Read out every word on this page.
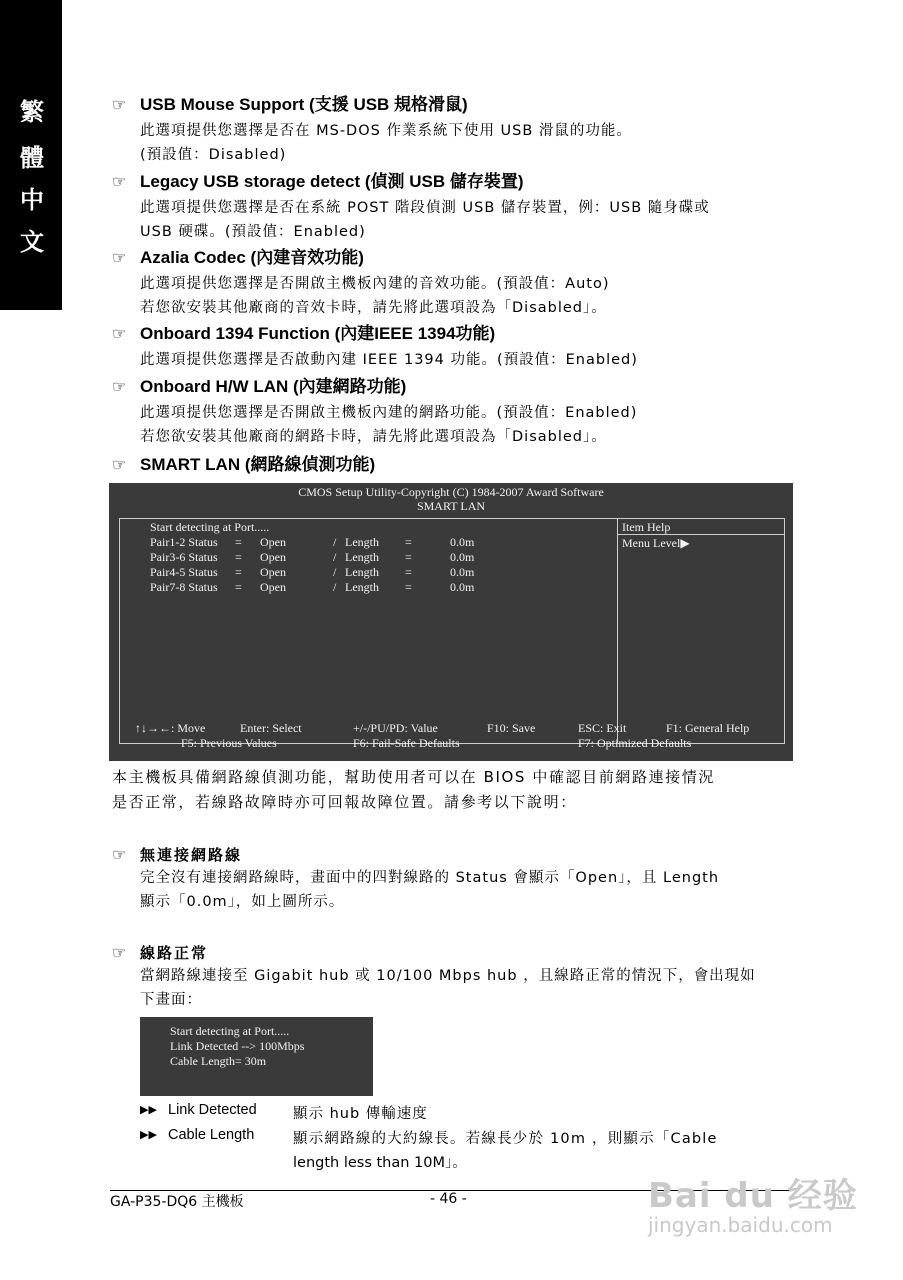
繁
體
中
文
☞ USB Mouse Support (支援 USB 規格滑鼠)
此選項提供您選擇是否在 MS-DOS 作業系統下使用 USB 滑鼠的功能。
(預設值：Disabled)
☞ Legacy USB storage detect (偵測 USB 儲存裝置)
此選項提供您選擇是否在系統 POST 階段偵測 USB 儲存裝置，例：USB 隨身碟或
USB 硬碟。(預設值：Enabled)
☞ Azalia Codec (內建音效功能)
此選項提供您選擇是否開啟主機板內建的音效功能。(預設值：Auto)
若您欲安裝其他廠商的音效卡時，請先將此選項設為「Disabled」。
☞ Onboard 1394 Function (內建IEEE 1394功能)
此選項提供您選擇是否啟動內建 IEEE 1394 功能。(預設值：Enabled)
☞ Onboard H/W LAN (內建網路功能)
此選項提供您選擇是否開啟主機板內建的網路功能。(預設值：Enabled)
若您欲安裝其他廠商的網路卡時，請先將此選項設為「Disabled」。
☞ SMART LAN (網路線偵測功能)
CMOS Setup Utility-Copyright (C) 1984-2007 Award Software
SMART LAN
Start detecting at Port.....
Pair1-2 Status = Open	/ Length =	0.0m
Pair3-6 Status = Open	/ Length =	0.0m
Pair4-5 Status = Open	/ Length =	0.0m
Pair7-8 Status = Open	/ Length =	0.0m
Item Help
Menu Level▶
↑↓→←: Move	Enter: Select	+/-/PU/PD: Value	F10: Save	ESC: Exit	F1: General Help
F5: Previous Values	F6: Fail-Safe Defaults	F7: Optimized Defaults
本主機板具備網路線偵測功能，幫助使用者可以在 BIOS 中確認目前網路連接情況
是否正常，若線路故障時亦可回報故障位置。請參考以下說明：
☞ 無連接網路線
完全沒有連接網路線時，畫面中的四對線路的 Status 會顯示「Open」，且 Length
顯示「0.0m」，如上圖所示。
☞ 線路正常
當網路線連接至 Gigabit hub 或 10/100 Mbps hub ，且線路正常的情況下，會出現如
下畫面：
Start detecting at Port.....
Link Detected --> 100Mbps
Cable Length= 30m
▶▶ Link Detected	顯示 hub 傳輸速度
▶▶ Cable Length	顯示網路線的大約線長。若線長少於 10m ，則顯示「Cable
length less than 10M」。
GA-P35-DQ6 主機板	- 46 -	Bai du 经验
jingyan.baidu.com
